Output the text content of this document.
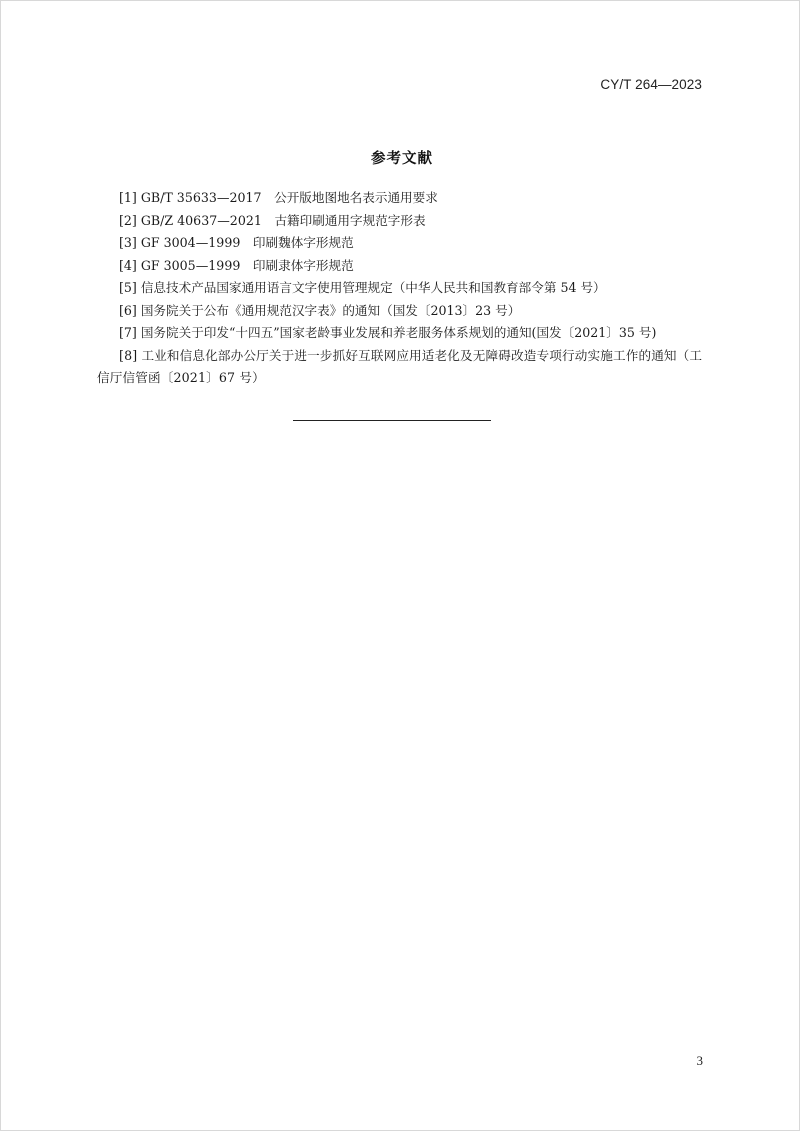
CY/T 264—2023
参考文献
[1] GB/T 35633—2017　公开版地图地名表示通用要求
[2] GB/Z 40637—2021　古籍印刷通用字规范字形表
[3] GF 3004—1999　印刷魏体字形规范
[4] GF 3005—1999　印刷隶体字形规范
[5] 信息技术产品国家通用语言文字使用管理规定（中华人民共和国教育部令第 54 号）
[6] 国务院关于公布《通用规范汉字表》的通知（国发〔2013〕23 号）
[7] 国务院关于印发“十四五”国家老龄事业发展和养老服务体系规划的通知(国发〔2021〕35 号)
[8] 工业和信息化部办公厅关于进一步抓好互联网应用适老化及无障碍改造专项行动实施工作的通知（工信厅信管函〔2021〕67 号）
3
